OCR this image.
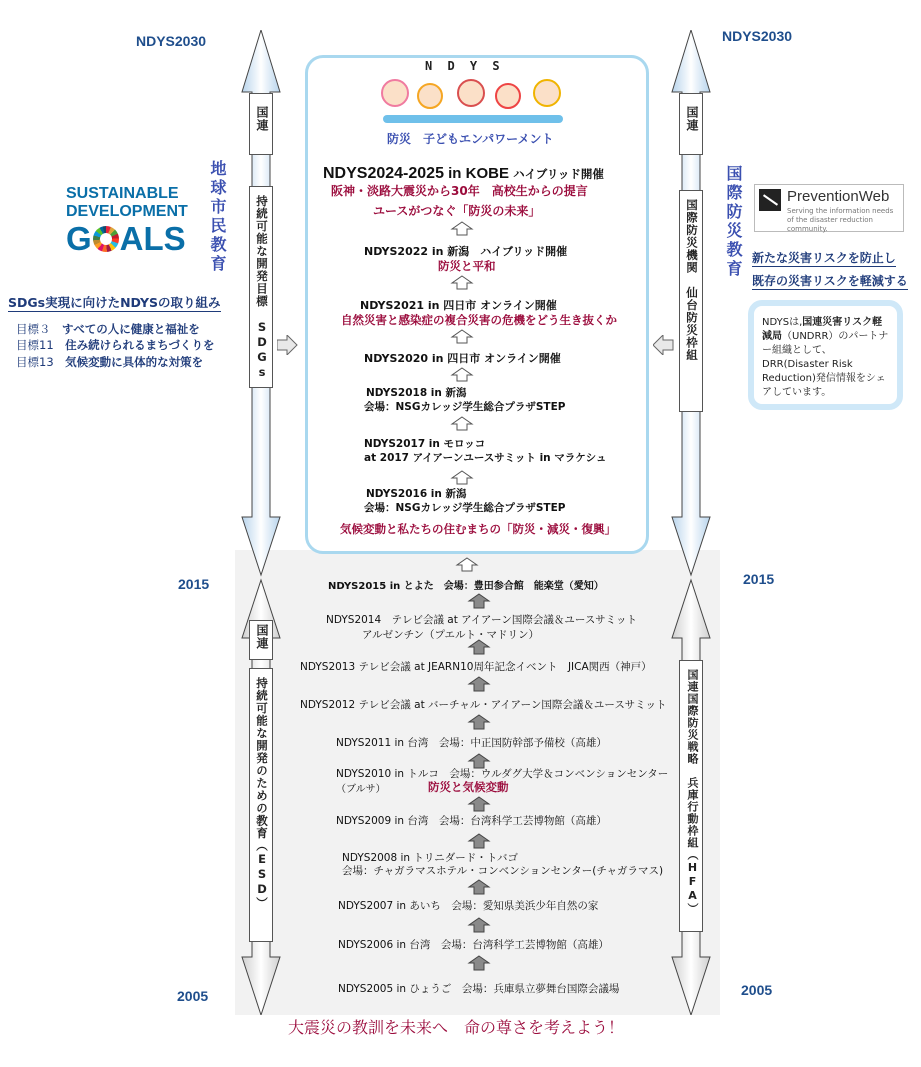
NDYS2030	NDYS2030
2015	2015
2005	2005
国連
持続可能な開発目標　SDGs
国連
持続可能な開発のための教育（ESD）
国連
国際防災機関　仙台防災枠組
国連国際防災戦略　兵庫行動枠組（HFA）
地球市民教育	国際防災教育
SUSTAINABLE
DEVELOPMENT
G ALS
SDGs実現に向けたNDYSの取り組み
目標３　 すべての人に健康と福祉を
目標11　 住み続けられるまちづくりを
目標13　 気候変動に具体的な対策を
PreventionWeb
Serving the information needs of the disaster reduction community.
新たな災害リスクを防止し
既存の災害リスクを軽減する
NDYSは,国連災害リスク軽減局（UNDRR）のパートナー組織として、DRR(Disaster Risk Reduction)発信情報をシェアしています。
N D Y S
防災　子どもエンパワーメント
NDYS2024-2025 in KOBE ハイブリッド開催
阪神・淡路大震災から30年　高校生からの提言
ユースがつなぐ「防災の未来」
NDYS2022 in 新潟　ハイブリッド開催
防災と平和
NDYS2021 in 四日市 オンライン開催
自然災害と感染症の複合災害の危機をどう生き抜くか
NDYS2020 in 四日市 オンライン開催
NDYS2018 in 新潟
会場：NSGカレッジ学生総合プラザSTEP
NDYS2017 in モロッコ
at 2017 アイアーンユースサミット in マラケシュ
NDYS2016 in 新潟
会場：NSGカレッジ学生総合プラザSTEP
気候変動と私たちの住むまちの「防災・減災・復興」
NDYS2015 in とよた　会場：豊田参合館　能楽堂（愛知）
NDYS2014　テレビ会議 at アイアーン国際会議＆ユースサミット
アルゼンチン（プエルト・マドリン）
NDYS2013 テレビ会議 at JEARN10周年記念イベント　JICA関西（神戸）
NDYS2012 テレビ会議 at バーチャル・アイアーン国際会議＆ユースサミット
NDYS2011 in 台湾　会場：中正国防幹部予備校（高雄）
NDYS2010 in トルコ　会場：ウルダグ大学＆コンベンションセンター
（ブルサ）	防災と気候変動
NDYS2009 in 台湾　会場：台湾科学工芸博物館（高雄）
NDYS2008 in トリニダード・トバゴ
会場：チャガラマスホテル・コンベンションセンター(チャガラマス)
NDYS2007 in あいち　会場：愛知県美浜少年自然の家
NDYS2006 in 台湾　会場：台湾科学工芸博物館（高雄）
NDYS2005 in ひょうご　会場：兵庫県立夢舞台国際会議場
大震災の教訓を未来へ　命の尊さを考えよう！
